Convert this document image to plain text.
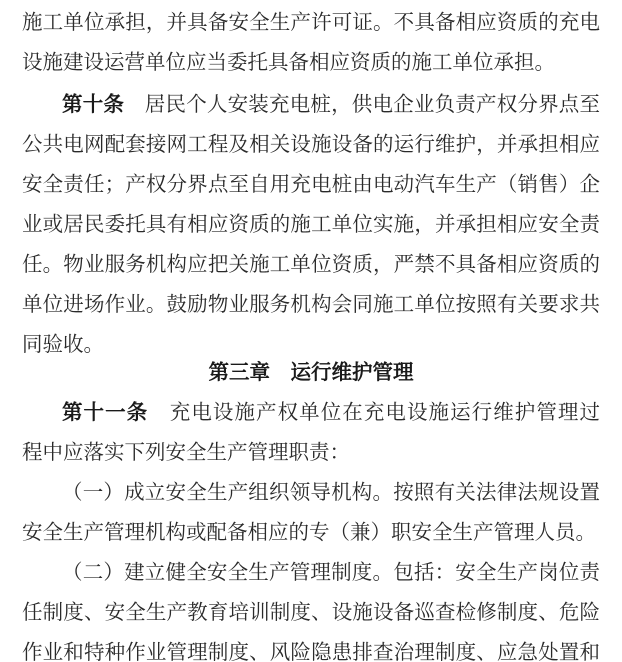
施工单位承担，并具备安全生产许可证。不具备相应资质的充电
设施建设运营单位应当委托具备相应资质的施工单位承担。
第十条　居民个人安装充电桩，供电企业负责产权分界点至
公共电网配套接网工程及相关设施设备的运行维护，并承担相应
安全责任；产权分界点至自用充电桩由电动汽车生产（销售）企
业或居民委托具有相应资质的施工单位实施，并承担相应安全责
任。物业服务机构应把关施工单位资质，严禁不具备相应资质的
单位进场作业。鼓励物业服务机构会同施工单位按照有关要求共
同验收。
第三章　运行维护管理
第十一条　充电设施产权单位在充电设施运行维护管理过
程中应落实下列安全生产管理职责：
（一）成立安全生产组织领导机构。按照有关法律法规设置
安全生产管理机构或配备相应的专（兼）职安全生产管理人员。
（二）建立健全安全生产管理制度。包括：安全生产岗位责
任制度、安全生产教育培训制度、设施设备巡查检修制度、危险
作业和特种作业管理制度、风险隐患排查治理制度、应急处置和
